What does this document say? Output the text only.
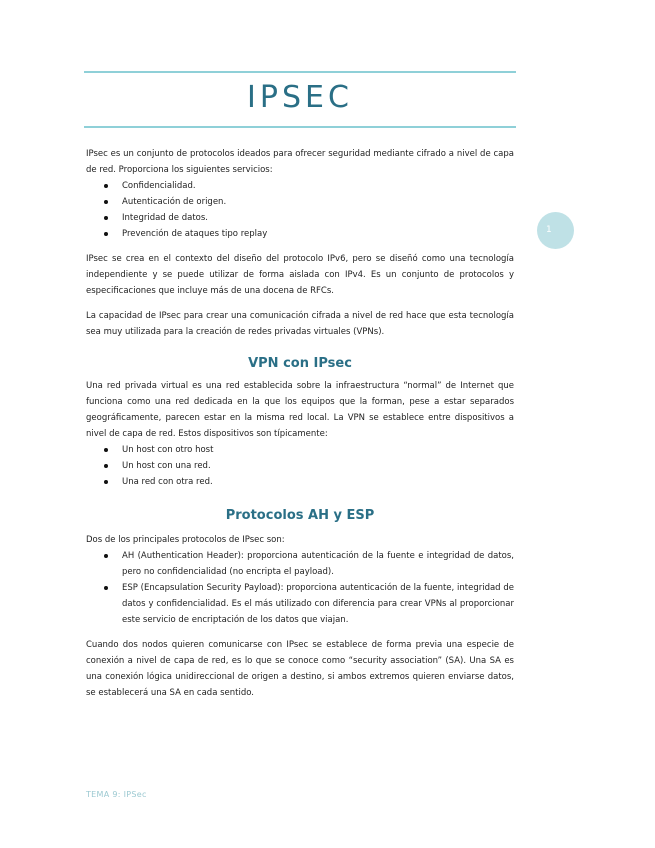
IPSEC
1

IPsec es un conjunto de protocolos ideados para ofrecer seguridad mediante cifrado a nivel de capa de red. Proporciona los siguientes servicios:

Confidencialidad.
Autenticación de origen.
Integridad de datos.
Prevención de ataques tipo replay

IPsec se crea en el contexto del diseño del protocolo IPv6, pero se diseñó como una tecnología independiente y se puede utilizar de forma aislada con IPv4. Es un conjunto de protocolos y especificaciones que incluye más de una docena de RFCs.

La capacidad de IPsec para crear una comunicación cifrada a nivel de red hace que esta tecnología sea muy utilizada para la creación de redes privadas virtuales (VPNs).

VPN con IPsec

Una red privada virtual es una red establecida sobre la infraestructura “normal” de Internet que funciona como una red dedicada en la que los equipos que la forman, pese a estar separados geográficamente, parecen estar en la misma red local. La VPN se establece entre dispositivos a nivel de capa de red. Estos dispositivos son típicamente:

Un host con otro host
Un host con una red.
Una red con otra red.
Protocolos AH y ESP

Dos de los principales protocolos de IPsec son:

AH (Authentication Header): proporciona autenticación de la fuente e integridad de datos, pero no confidencialidad (no encripta el payload).
ESP (Encapsulation Security Payload): proporciona autenticación de la fuente, integridad de datos y confidencialidad. Es el más utilizado con diferencia para crear VPNs al proporcionar este servicio de encriptación de los datos que viajan.

Cuando dos nodos quieren comunicarse con IPsec se establece de forma previa una especie de conexión a nivel de capa de red, es lo que se conoce como “security association” (SA). Una SA es una conexión lógica unidireccional de origen a destino, si ambos extremos quieren enviarse datos, se establecerá una SA en cada sentido.

TEMA 9: IPSec
